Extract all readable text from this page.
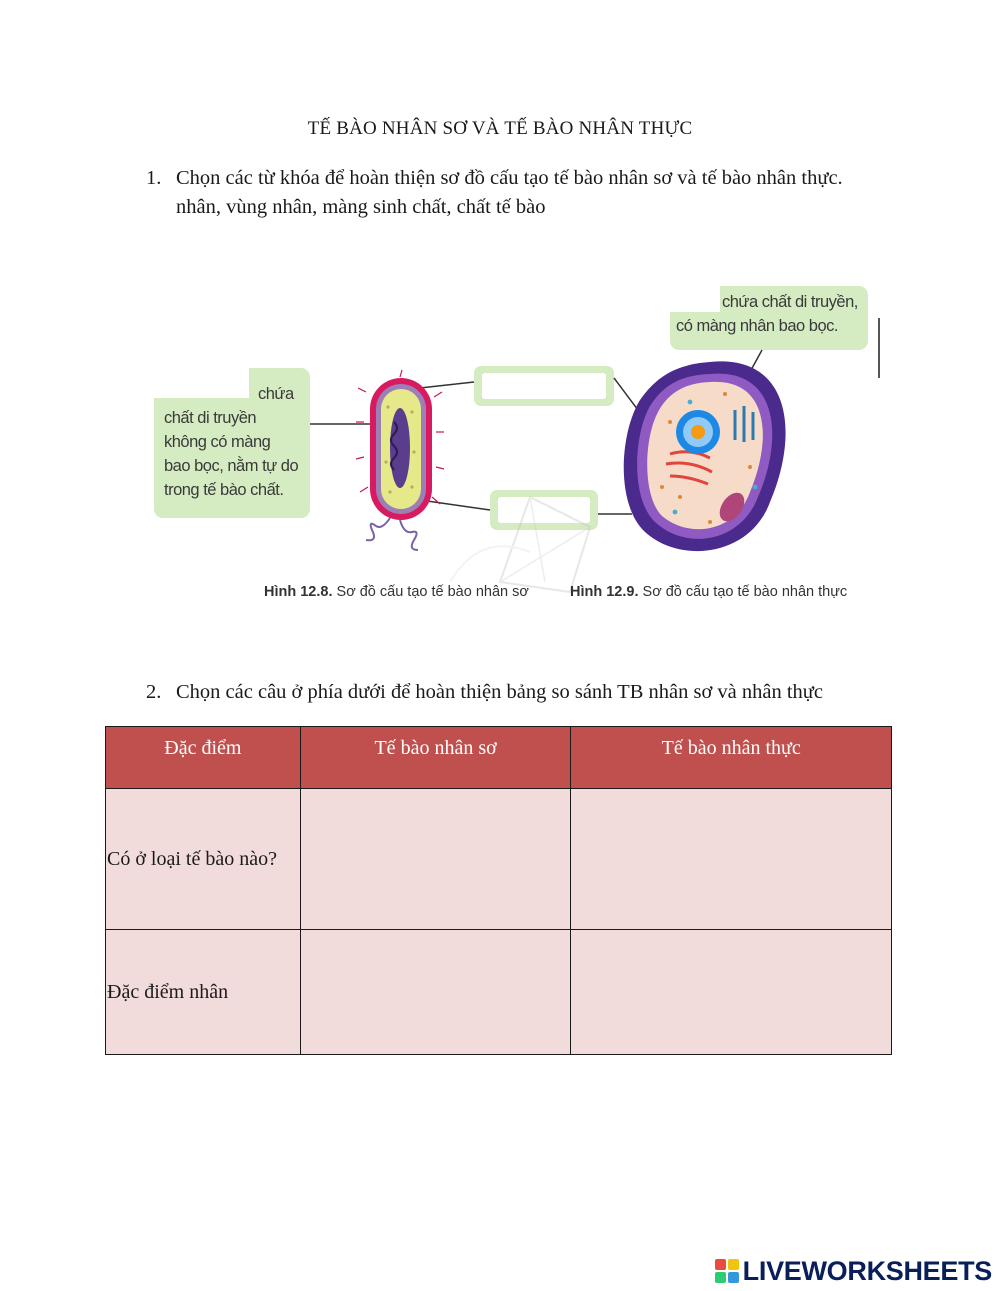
TẾ BÀO NHÂN SƠ VÀ TẾ BÀO NHÂN THỰC
1. Chọn các từ khóa để hoàn thiện sơ đồ cấu tạo tế bào nhân sơ và tế bào nhân thực.
nhân, vùng nhân, màng sinh chất, chất tế bào
chứa
chất di truyền
không có màng
bao bọc, nằm tự do
trong tế bào chất.
chứa chất di truyền,
có màng nhân bao bọc.
Hình 12.8. Sơ đồ cấu tạo tế bào nhân sơ	Hình 12.9. Sơ đồ cấu tạo tế bào nhân thực
2. Chọn các câu ở phía dưới để hoàn thiện bảng so sánh TB nhân sơ và nhân thực
Đặc điểm	Tế bào nhân sơ	Tế bào nhân thực

Có ở loại tế bào nào?		

Đặc điểm nhân		

LIVEWORKSHEETS
